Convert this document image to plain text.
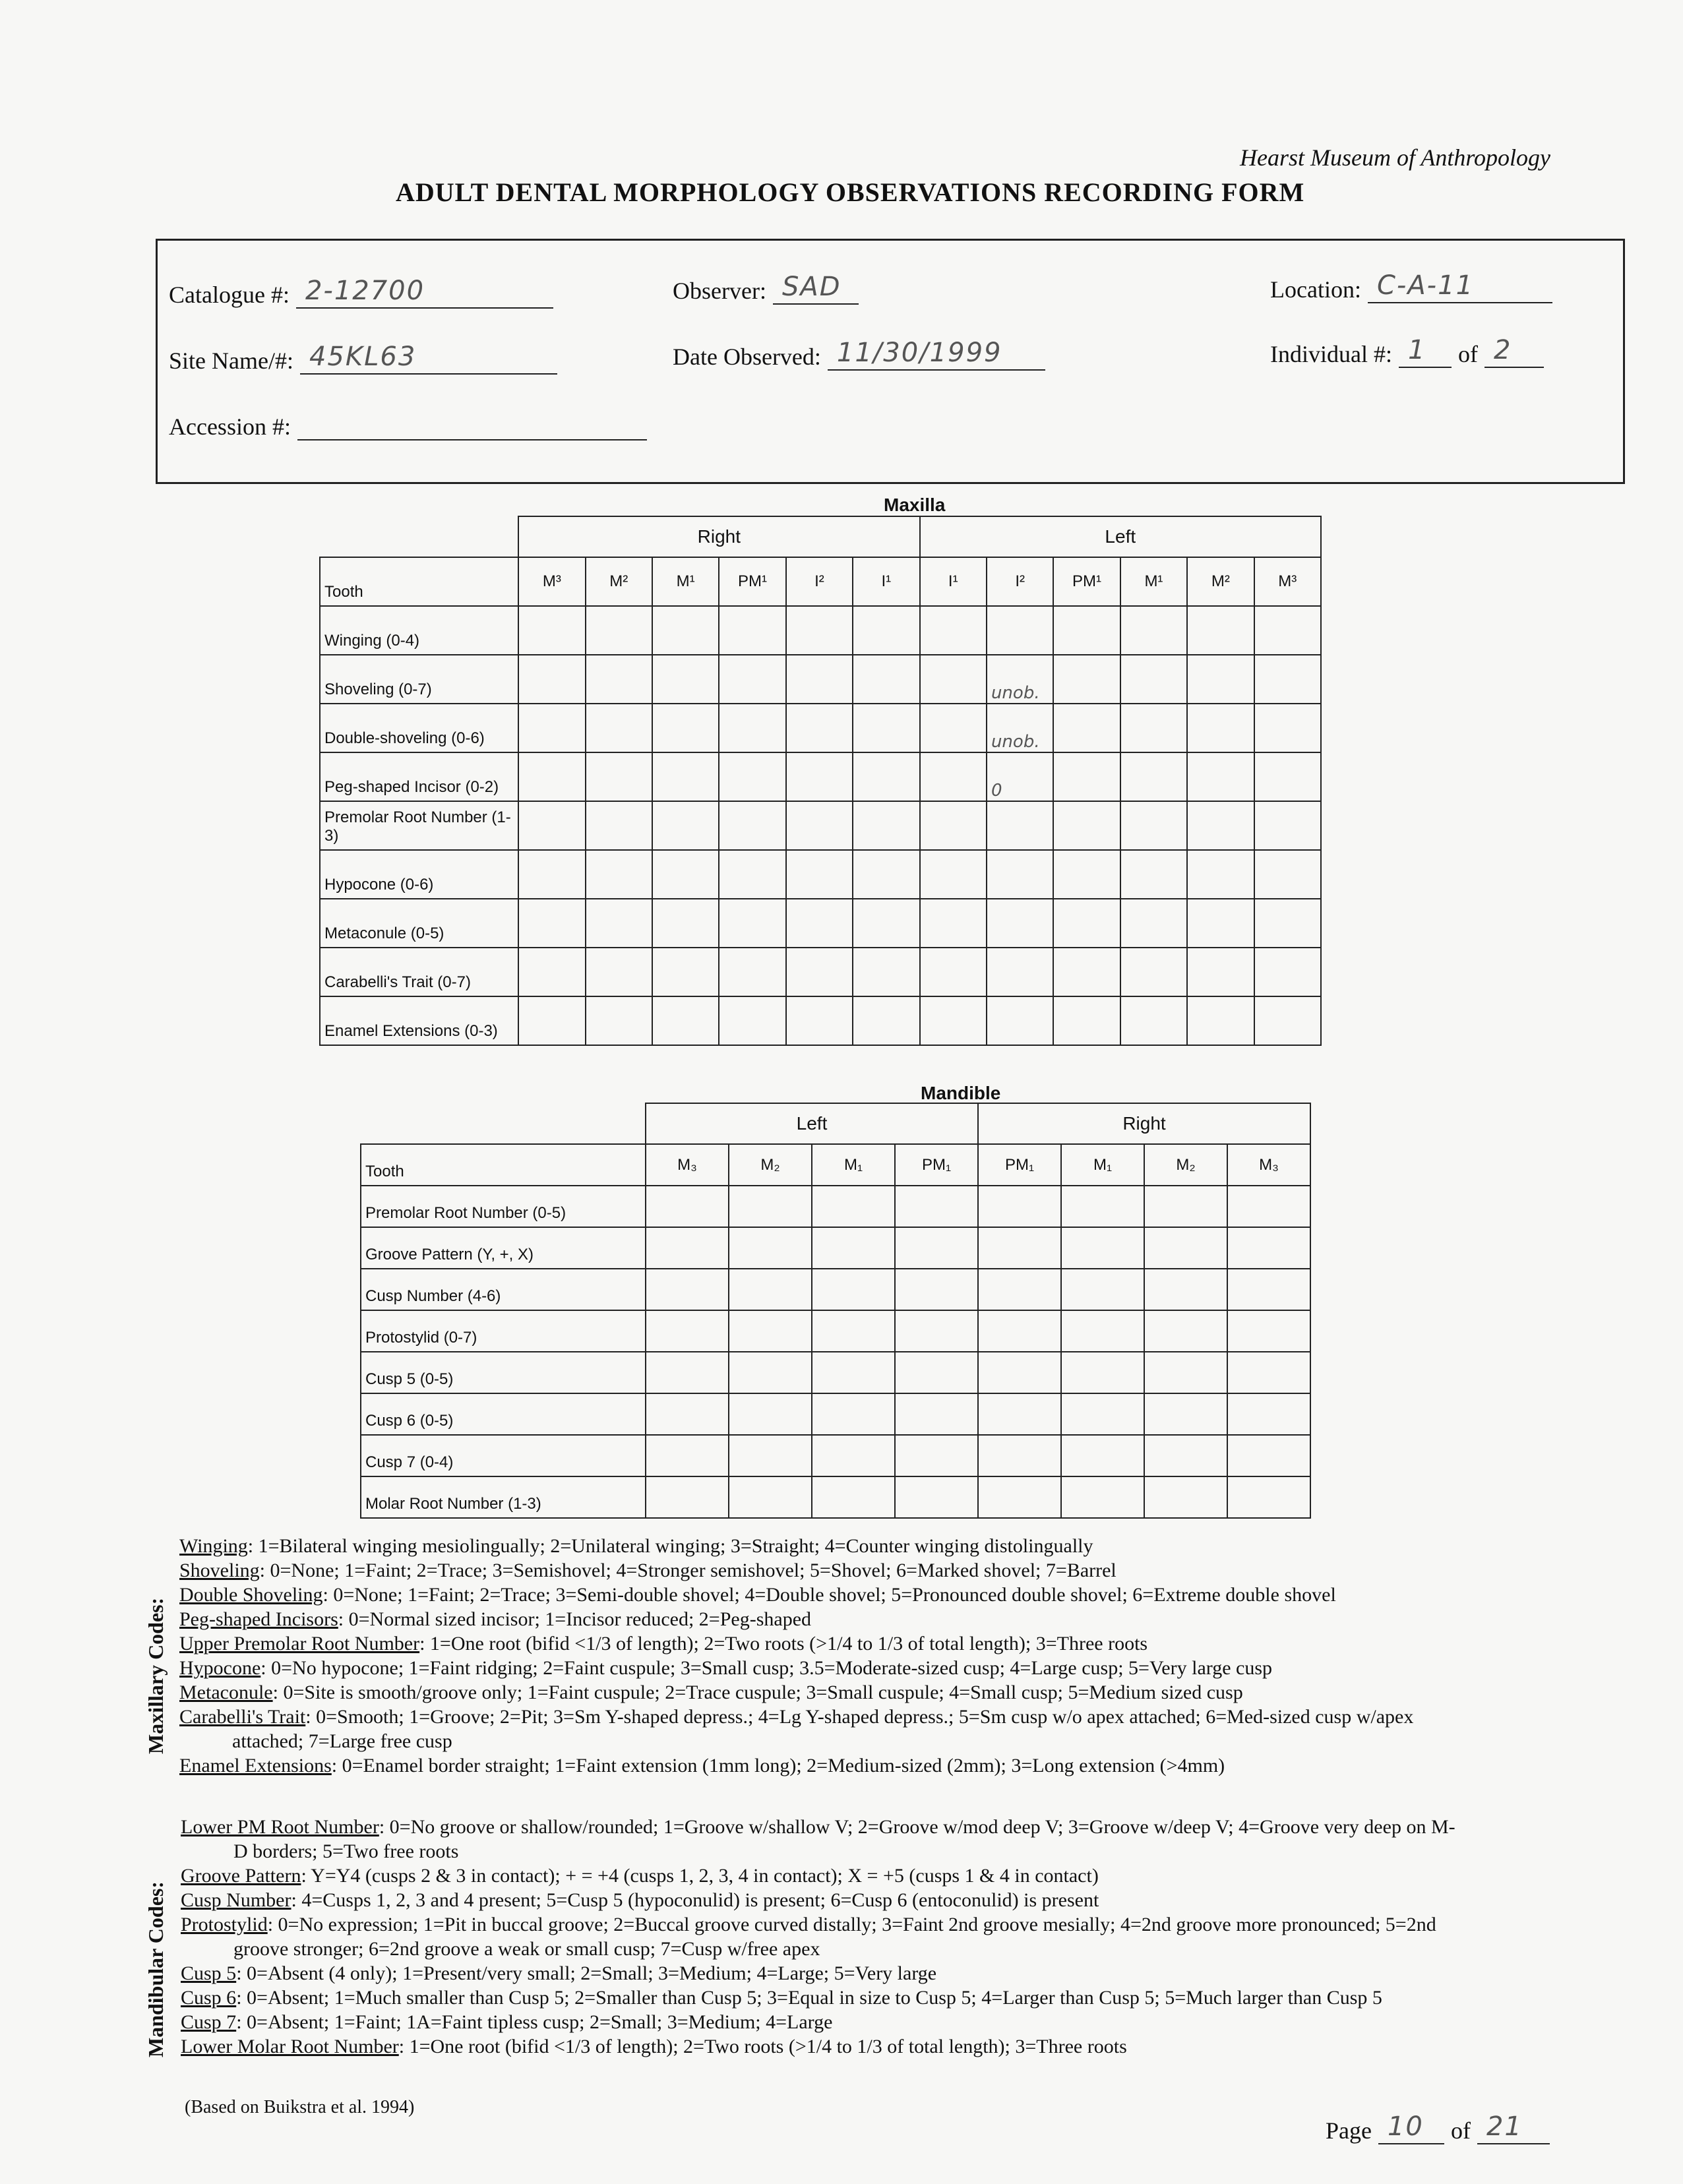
Hearst Museum of Anthropology
ADULT DENTAL MORPHOLOGY OBSERVATIONS RECORDING FORM
Catalogue #: 2-12700
Site Name/#: 45KL63
Accession #:
Observer: SAD
Date Observed: 11/30/1999
Location: C-A-11
Individual #: 1 of 2
Maxilla
	Right						Left					
Tooth	M³	M²	M¹	PM¹	I²	I¹	I¹	I²	PM¹	M¹	M²	M³
Winging (0-4)												
Shoveling (0-7)								unob.				
Double-shoveling (0-6)								unob.				
Peg-shaped Incisor (0-2)								0				
Premolar Root Number (1-3)												
Hypocone (0-6)												
Metaconule (0-5)												
Carabelli's Trait (0-7)												
Enamel Extensions (0-3)												
Mandible
	Left				Right			
Tooth	M₃	M₂	M₁	PM₁	PM₁	M₁	M₂	M₃
Premolar Root Number (0-5)								
Groove Pattern (Y, +, X)								
Cusp Number (4-6)								
Protostylid (0-7)								
Cusp 5 (0-5)								
Cusp 6 (0-5)								
Cusp 7 (0-4)								
Molar Root Number (1-3)								
Maxillary Codes:
Winging: 1=Bilateral winging mesiolingually; 2=Unilateral winging; 3=Straight; 4=Counter winging distolingually
Shoveling: 0=None; 1=Faint; 2=Trace; 3=Semishovel; 4=Stronger semishovel; 5=Shovel; 6=Marked shovel; 7=Barrel
Double Shoveling: 0=None; 1=Faint; 2=Trace; 3=Semi-double shovel; 4=Double shovel; 5=Pronounced double shovel; 6=Extreme double shovel
Peg-shaped Incisors: 0=Normal sized incisor; 1=Incisor reduced; 2=Peg-shaped
Upper Premolar Root Number: 1=One root (bifid <1/3 of length); 2=Two roots (>1/4 to 1/3 of total length); 3=Three roots
Hypocone: 0=No hypocone; 1=Faint ridging; 2=Faint cuspule; 3=Small cusp; 3.5=Moderate-sized cusp; 4=Large cusp; 5=Very large cusp
Metaconule: 0=Site is smooth/groove only; 1=Faint cuspule; 2=Trace cuspule; 3=Small cuspule; 4=Small cusp; 5=Medium sized cusp
Carabelli's Trait: 0=Smooth; 1=Groove; 2=Pit; 3=Sm Y-shaped depress.; 4=Lg Y-shaped depress.; 5=Sm cusp w/o apex attached; 6=Med-sized cusp w/apex
attached; 7=Large free cusp
Enamel Extensions: 0=Enamel border straight; 1=Faint extension (1mm long); 2=Medium-sized (2mm); 3=Long extension (>4mm)
Mandibular Codes:
Lower PM Root Number: 0=No groove or shallow/rounded; 1=Groove w/shallow V; 2=Groove w/mod deep V; 3=Groove w/deep V; 4=Groove very deep on M-
D borders; 5=Two free roots
Groove Pattern: Y=Y4 (cusps 2 & 3 in contact); + = +4 (cusps 1, 2, 3, 4 in contact); X = +5 (cusps 1 & 4 in contact)
Cusp Number: 4=Cusps 1, 2, 3 and 4 present; 5=Cusp 5 (hypoconulid) is present; 6=Cusp 6 (entoconulid) is present
Protostylid: 0=No expression; 1=Pit in buccal groove; 2=Buccal groove curved distally; 3=Faint 2nd groove mesially; 4=2nd groove more pronounced; 5=2nd
groove stronger; 6=2nd groove a weak or small cusp; 7=Cusp w/free apex
Cusp 5: 0=Absent (4 only); 1=Present/very small; 2=Small; 3=Medium; 4=Large; 5=Very large
Cusp 6: 0=Absent; 1=Much smaller than Cusp 5; 2=Smaller than Cusp 5; 3=Equal in size to Cusp 5; 4=Larger than Cusp 5; 5=Much larger than Cusp 5
Cusp 7: 0=Absent; 1=Faint; 1A=Faint tipless cusp; 2=Small; 3=Medium; 4=Large
Lower Molar Root Number: 1=One root (bifid <1/3 of length); 2=Two roots (>1/4 to 1/3 of total length); 3=Three roots
(Based on Buikstra et al. 1994)
Page 10 of 21
